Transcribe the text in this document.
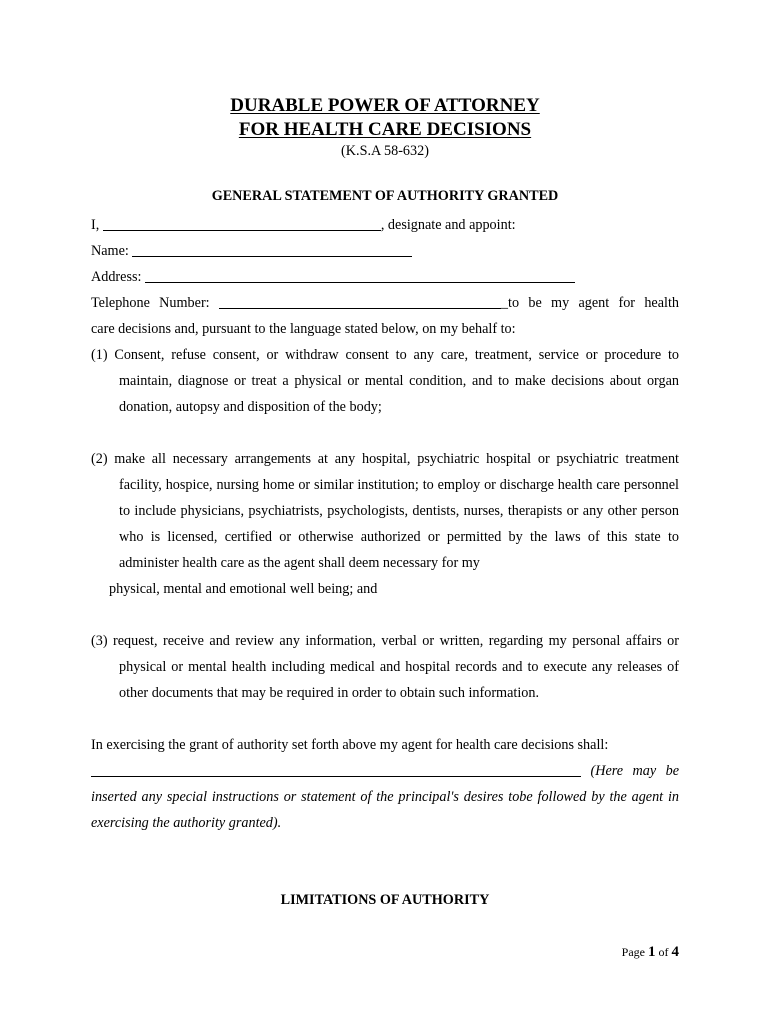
DURABLE POWER OF ATTORNEY
FOR HEALTH CARE DECISIONS
(K.S.A 58-632)
GENERAL STATEMENT OF AUTHORITY GRANTED
I,	, designate and appoint:
Name:
Address:
Telephone Number:	_to be my agent for health
care decisions and, pursuant to the language stated below, on my behalf to:
(1) Consent, refuse consent, or withdraw consent to any care, treatment, service or procedure to maintain, diagnose or treat a physical or mental condition, and to make decisions about organ donation, autopsy and disposition of the body;
(2) make all necessary arrangements at any hospital, psychiatric hospital or psychiatric treatment facility, hospice, nursing home or similar institution; to employ or discharge health care personnel to include physicians, psychiatrists, psychologists, dentists, nurses, therapists or any other person who is licensed, certified or otherwise authorized or permitted by the laws of this state to administer health care as the agent shall deem necessary for my
physical, mental and emotional well being; and
(3) request, receive and review any information, verbal or written, regarding my personal affairs or physical or mental health including medical and hospital records and to execute any releases of other documents that may be required in order to obtain such information.
In exercising the grant of authority set forth above my agent for health care decisions shall:
(Here may be inserted any special instructions or statement of the principal's desires tobe followed by the agent in exercising the authority granted).
LIMITATIONS OF AUTHORITY
Page 1 of 4
